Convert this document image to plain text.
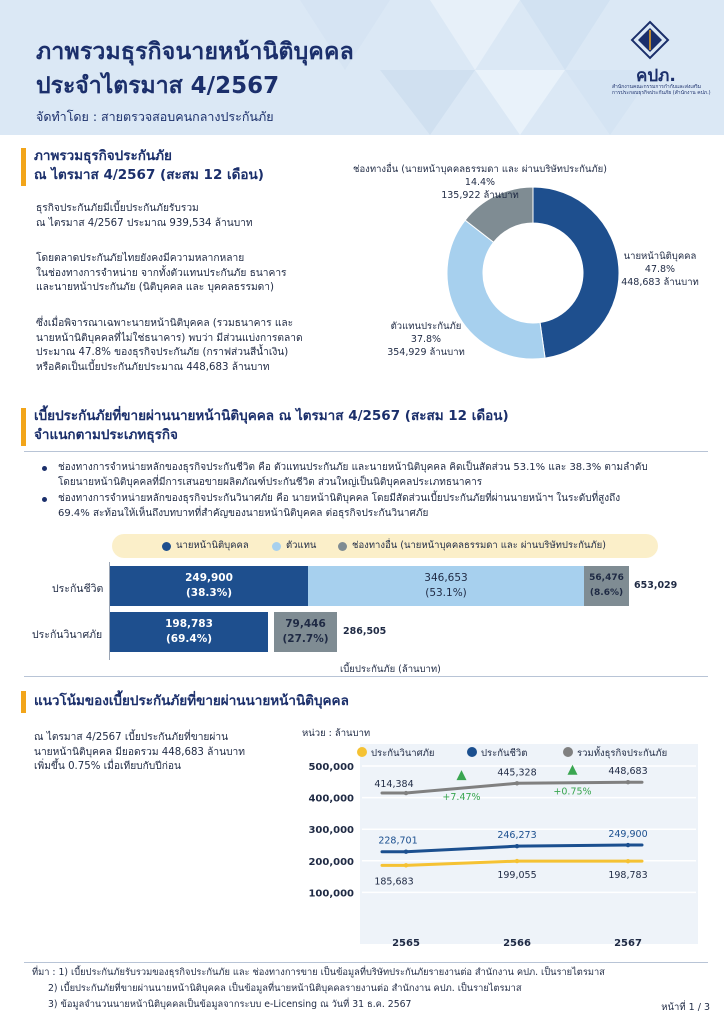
ภาพรวมธุรกิจนายหน้านิติบุคคล
ประจำไตรมาส 4/2567
จัดทำโดย : สายตรวจสอบคนกลางประกันภัย
คปภ.
สำนักงานคณะกรรมการกำกับและส่งเสริม
การประกอบธุรกิจประกันภัย (สำนักงาน คปภ.)
ภาพรวมธุรกิจประกันภัย
ณ ไตรมาส 4/2567 (สะสม 12 เดือน)
ธุรกิจประกันภัยมีเบี้ยประกันภัยรับรวม
ณ ไตรมาส 4/2567 ประมาณ 939,534 ล้านบาท
โดยตลาดประกันภัยไทยยังคงมีความหลากหลาย
ในช่องทางการจำหน่าย จากทั้งตัวแทนประกันภัย ธนาคาร
และนายหน้าประกันภัย (นิติบุคคล และ บุคคลธรรมดา)
ซึ่งเมื่อพิจารณาเฉพาะนายหน้านิติบุคคล (รวมธนาคาร และ
นายหน้านิติบุคคลที่ไม่ใช่ธนาคาร) พบว่า มีส่วนแบ่งการตลาด
ประมาณ 47.8% ของธุรกิจประกันภัย (กราฟส่วนสีน้ำเงิน)
หรือคิดเป็นเบี้ยประกันภัยประมาณ 448,683 ล้านบาท
ช่องทางอื่น (นายหน้าบุคคลธรรมดา และ ผ่านบริษัทประกันภัย)
14.4%
135,922 ล้านบาท
นายหน้านิติบุคคล
47.8%
448,683 ล้านบาท
ตัวแทนประกันภัย
37.8%
354,929 ล้านบาท
เบี้ยประกันภัยที่ขายผ่านนายหน้านิติบุคคล ณ ไตรมาส 4/2567 (สะสม 12 เดือน)
จำแนกตามประเภทธุรกิจ
ช่องทางการจำหน่ายหลักของธุรกิจประกันชีวิต คือ ตัวแทนประกันภัย และนายหน้านิติบุคคล คิดเป็นสัดส่วน 53.1% และ 38.3% ตามลำดับ
โดยนายหน้านิติบุคคลที่มีการเสนอขายผลิตภัณฑ์ประกันชีวิต ส่วนใหญ่เป็นนิติบุคคลประเภทธนาคาร
ช่องทางการจำหน่ายหลักของธุรกิจประกันวินาศภัย คือ นายหน้านิติบุคคล โดยมีสัดส่วนเบี้ยประกันภัยที่ผ่านนายหน้าฯ ในระดับที่สูงถึง
69.4% สะท้อนให้เห็นถึงบทบาทที่สำคัญของนายหน้านิติบุคคล ต่อธุรกิจประกันวินาศภัย
นายหน้านิติบุคคล	ตัวแทน	ช่องทางอื่น (นายหน้าบุคคลธรรมดา และ ผ่านบริษัทประกันภัย)
ประกันชีวิต
249,900
(38.3%)
346,653
(53.1%)
56,476
(8.6%)
653,029
ประกันวินาศภัย
198,783
(69.4%)
79,446
(27.7%)
286,505
เบี้ยประกันภัย (ล้านบาท)
แนวโน้มของเบี้ยประกันภัยที่ขายผ่านนายหน้านิติบุคคล
ณ ไตรมาส 4/2567 เบี้ยประกันภัยที่ขายผ่าน
นายหน้านิติบุคคล มียอดรวม 448,683 ล้านบาท
เพิ่มขึ้น 0.75% เมื่อเทียบกับปีก่อน
หน่วย : ล้านบาท
100,000
200,000
300,000
400,000
500,000
2565	2566	2567
ประกันวินาศภัย	ประกันชีวิต	รวมทั้งธุรกิจประกันภัย
185,683
199,055	198,783
228,701
246,273	249,900
414,384
445,328	448,683
+7.47%	+0.75%
ที่มา : 1) เบี้ยประกันภัยรับรวมของธุรกิจประกันภัย และ ช่องทางการขาย เป็นข้อมูลที่บริษัทประกันภัยรายงานต่อ สำนักงาน คปภ. เป็นรายไตรมาส
2) เบี้ยประกันภัยที่ขายผ่านนายหน้านิติบุคคล เป็นข้อมูลที่นายหน้านิติบุคคลรายงานต่อ สำนักงาน คปภ. เป็นรายไตรมาส
3) ข้อมูลจำนวนนายหน้านิติบุคคลเป็นข้อมูลจากระบบ e-Licensing ณ วันที่ 31 ธ.ค. 2567	หน้าที่ 1 / 3
